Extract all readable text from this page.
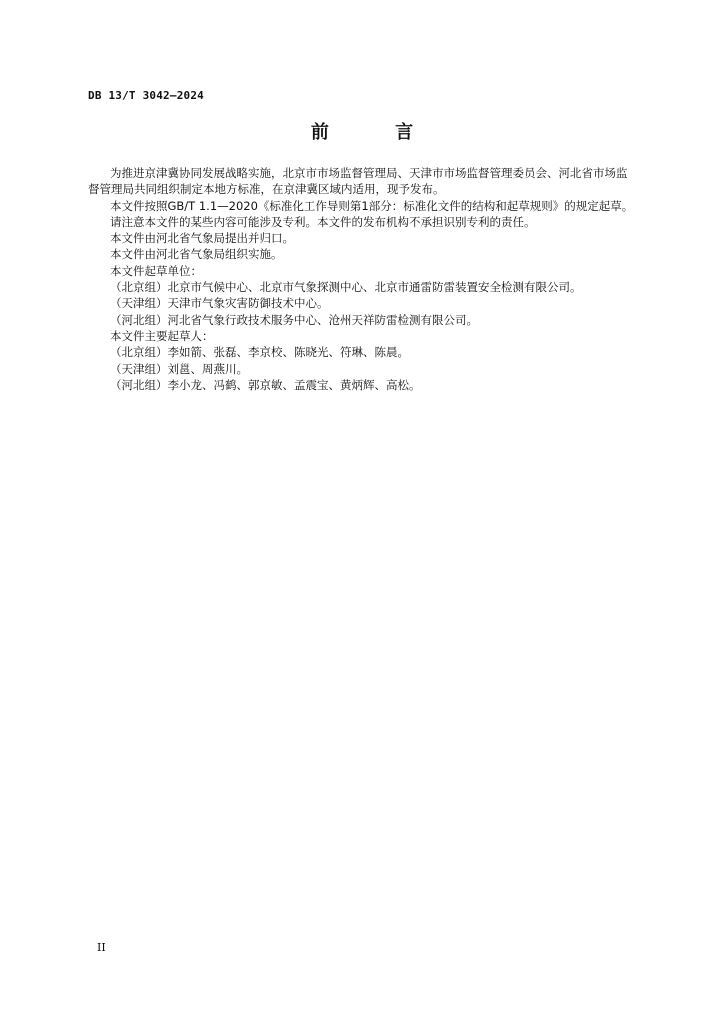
DB 13/T 3042—2024
前 言

为推进京津冀协同发展战略实施，北京市市场监督管理局、天津市市场监督管理委员会、河北省市场监督管理局共同组织制定本地方标准，在京津冀区域内适用，现予发布。

本文件按照GB/T 1.1—2020《标准化工作导则第1部分：标准化文件的结构和起草规则》的规定起草。

请注意本文件的某些内容可能涉及专利。本文件的发布机构不承担识别专利的责任。

本文件由河北省气象局提出并归口。

本文件由河北省气象局组织实施。

本文件起草单位：

（北京组）北京市气候中心、北京市气象探测中心、北京市通雷防雷装置安全检测有限公司。

（天津组）天津市气象灾害防御技术中心。

（河北组）河北省气象行政技术服务中心、沧州天祥防雷检测有限公司。

本文件主要起草人：

（北京组）李如箭、张磊、李京校、陈晓光、符琳、陈晨。

（天津组）刘邕、周燕川。

（河北组）李小龙、冯鹤、郭京敏、孟震宝、黄炳辉、高松。

II
